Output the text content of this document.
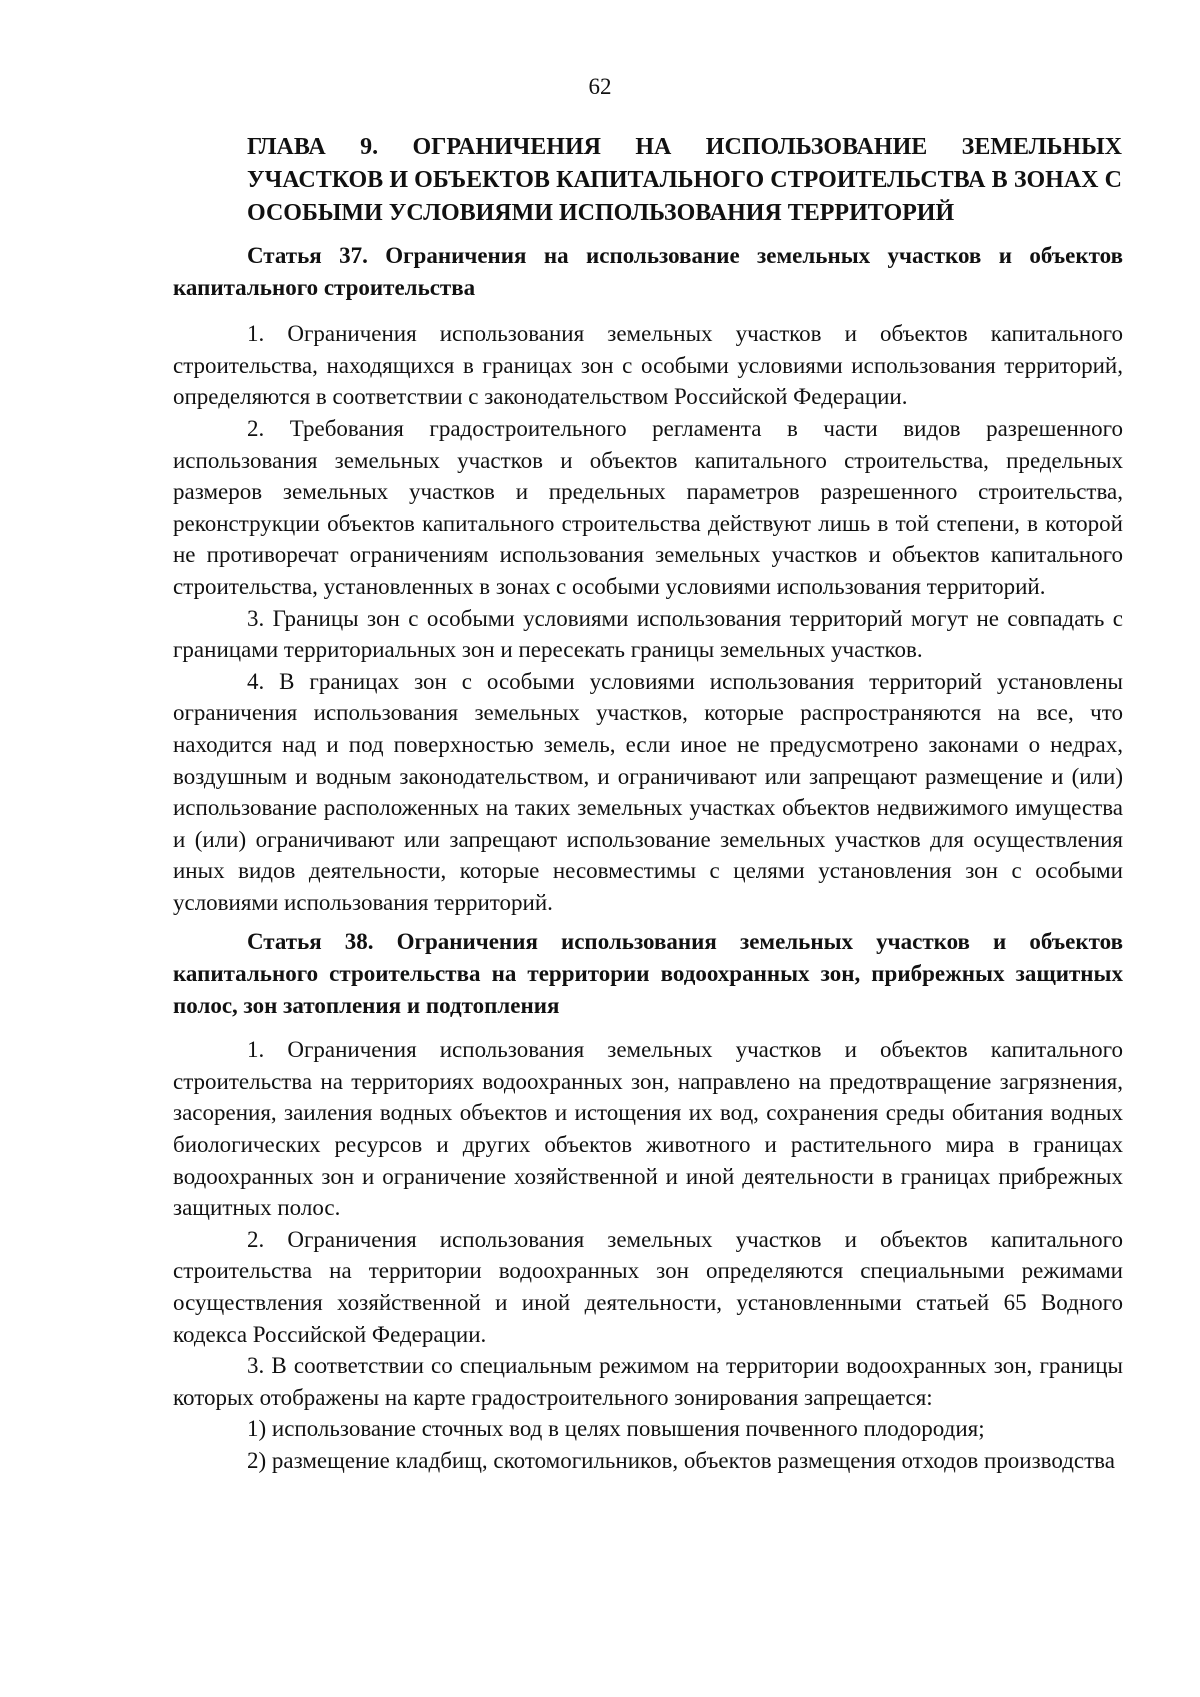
62
ГЛАВА 9. ОГРАНИЧЕНИЯ НА ИСПОЛЬЗОВАНИЕ ЗЕМЕЛЬНЫХ УЧАСТКОВ И ОБЪЕКТОВ КАПИТАЛЬНОГО СТРОИТЕЛЬСТВА В ЗОНАХ С ОСОБЫМИ УСЛОВИЯМИ ИСПОЛЬЗОВАНИЯ ТЕРРИТОРИЙ

Статья 37. Ограничения на использование земельных участков и объектов капитального строительства

1. Ограничения использования земельных участков и объектов капитального строительства, находящихся в границах зон с особыми условиями использования территорий, определяются в соответствии с законодательством Российской Федерации.

2. Требования градостроительного регламента в части видов разрешенного использования земельных участков и объектов капитального строительства, предельных размеров земельных участков и предельных параметров разрешенного строительства, реконструкции объектов капитального строительства действуют лишь в той степени, в которой не противоречат ограничениям использования земельных участков и объектов капитального строительства, установленных в зонах с особыми условиями использования территорий.

3. Границы зон с особыми условиями использования территорий могут не совпадать с границами территориальных зон и пересекать границы земельных участков.

4. В границах зон с особыми условиями использования территорий установлены ограничения использования земельных участков, которые распространяются на все, что находится над и под поверхностью земель, если иное не предусмотрено законами о недрах, воздушным и водным законодательством, и ограничивают или запрещают размещение и (или) использование расположенных на таких земельных участках объектов недвижимого имущества и (или) ограничивают или запрещают использование земельных участков для осуществления иных видов деятельности, которые несовместимы с целями установления зон с особыми условиями использования территорий.

Статья 38. Ограничения использования земельных участков и объектов капитального строительства на территории водоохранных зон, прибрежных защитных полос, зон затопления и подтопления

1. Ограничения использования земельных участков и объектов капитального строительства на территориях водоохранных зон, направлено на предотвращение загрязнения, засорения, заиления водных объектов и истощения их вод, сохранения среды обитания водных биологических ресурсов и других объектов животного и растительного мира в границах водоохранных зон и ограничение хозяйственной и иной деятельности в границах прибрежных защитных полос.

2. Ограничения использования земельных участков и объектов капитального строительства на территории водоохранных зон определяются специальными режимами осуществления хозяйственной и иной деятельности, установленными статьей 65 Водного кодекса Российской Федерации.

3. В соответствии со специальным режимом на территории водоохранных зон, границы которых отображены на карте градостроительного зонирования запрещается:

1) использование сточных вод в целях повышения почвенного плодородия;

2) размещение кладбищ, скотомогильников, объектов размещения отходов производства
